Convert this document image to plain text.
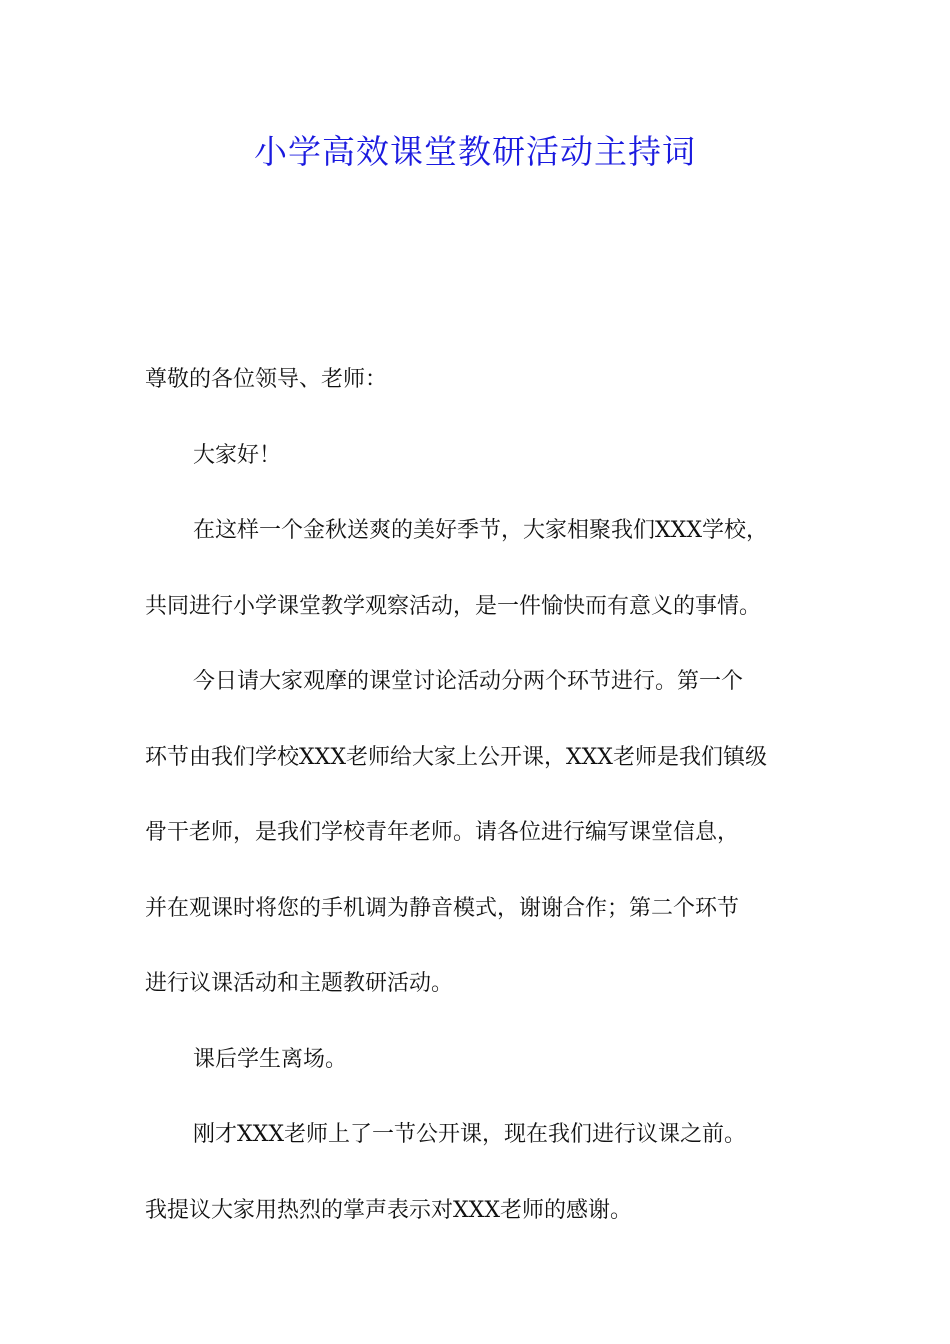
小学高效课堂教研活动主持词
尊敬的各位领导、老师：
大家好！
在这样一个金秋送爽的美好季节，大家相聚我们XXX学校，
共同进行小学课堂教学观察活动，是一件愉快而有意义的事情。
今日请大家观摩的课堂讨论活动分两个环节进行。第一个
环节由我们学校XXX老师给大家上公开课，XXX老师是我们镇级
骨干老师，是我们学校青年老师。请各位进行编写课堂信息，
并在观课时将您的手机调为静音模式，谢谢合作；第二个环节
进行议课活动和主题教研活动。
课后学生离场。
刚才XXX老师上了一节公开课，现在我们进行议课之前。
我提议大家用热烈的掌声表示对XXX老师的感谢。
